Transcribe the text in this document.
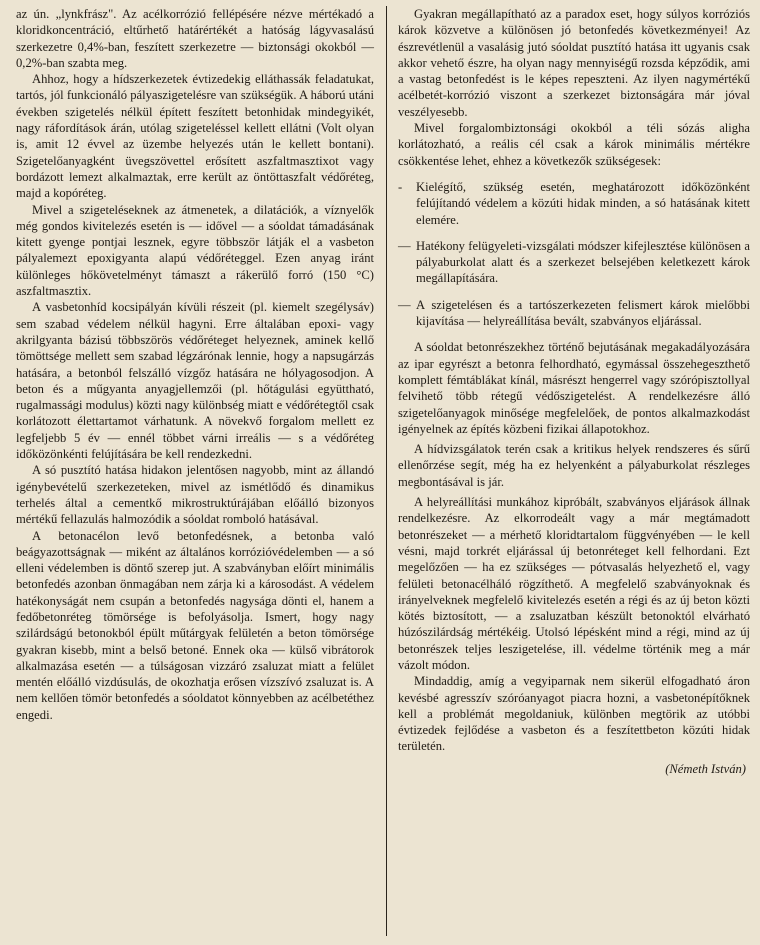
az ún. „lynkfrász". Az acélkorrózió fellépésére nézve mértékadó a kloridkoncentráció, eltűrhető határértékét a hatóság lágyvasalású szerkezetre 0,4%-ban, feszített szerkezetre — biztonsági okokból — 0,2%-ban szabta meg.

Ahhoz, hogy a hídszerkezetek évtizedekig elláthassák feladatukat, tartós, jól funkcionáló pályaszigetelésre van szükségük. A háború utáni években szigetelés nélkül épített feszített betonhidak mindegyikét, nagy ráfordítások árán, utólag szigeteléssel kellett ellátni (Volt olyan is, amit 12 évvel az üzembe helyezés után le kellett bontani). Szigetelőanyagként üvegszövettel erősített aszfaltmasztixot vagy bordázott lemezt alkalmaztak, erre került az öntöttaszfalt védőréteg, majd a kopóréteg.

Mivel a szigeteléseknek az átmenetek, a dilatációk, a víznyelők még gondos kivitelezés esetén is — idővel — a sóoldat támadásának kitett gyenge pontjai lesznek, egyre többször látják el a vasbeton pályalemezt epoxigyanta alapú védőréteggel. Ezen anyag iránt különleges hőkövetelményt támaszt a rákerülő forró (150 °C) aszfaltmasztix.

A vasbetonhíd kocsipályán kívüli részeit (pl. kiemelt szegélysáv) sem szabad védelem nélkül hagyni. Erre általában epoxi- vagy akrilgyanta bázisú többszörös védőréteget helyeznek, aminek kellő tömöttsége mellett sem szabad légzárónak lennie, hogy a napsugárzás hatására, a betonból felszálló vízgőz hatására ne hólyagosodjon. A beton és a műgyanta anyagjellemzői (pl. hőtágulási együttható, rugalmassági modulus) közti nagy különbség miatt e védőrétegtől csak korlátozott élettartamot várhatunk. A növekvő forgalom mellett ez legfeljebb 5 év — ennél többet várni irreális — s a védőréteg időközönkénti felújítására be kell rendezkedni.

A só pusztító hatása hidakon jelentősen nagyobb, mint az állandó igénybevételű szerkezeteken, mivel az ismétlődő és dinamikus terhelés által a cementkő mikrostruktúrájában előálló bizonyos mértékű fellazulás halmozódik a sóoldat romboló hatásával.

A betonacélon levő betonfedésnek, a betonba való beágyazottságnak — miként az általános korrózióvédelemben — a só elleni védelemben is döntő szerep jut. A szabványban előírt minimális betonfedés azonban önmagában nem zárja ki a károsodást. A védelem hatékonyságát nem csupán a betonfedés nagysága dönti el, hanem a fedőbetonréteg tömörsége is befolyásolja. Ismert, hogy nagy szilárdságú betonokból épült műtárgyak felületén a beton tömörsége gyakran kisebb, mint a belső betoné. Ennek oka — külső vibrátorok alkalmazása esetén — a túlságosan vizzáró zsaluzat miatt a felület mentén előálló vizdúsulás, de okozhatja erősen vízszívó zsaluzat is. A nem kellően tömör betonfedés a sóoldatot könnyebben az acélbetéthez engedi.

Gyakran megállapítható az a paradox eset, hogy súlyos korróziós károk közvetve a különösen jó betonfedés következményei! Az észrevétlenül a vasalásig jutó sóoldat pusztító hatása itt ugyanis csak akkor vehető észre, ha olyan nagy mennyiségű rozsda képződik, ami a vastag betonfedést is le képes repeszteni. Az ilyen nagymértékű acélbetét-korrózió viszont a szerkezet biztonságára már jóval veszélyesebb.

Mivel forgalombiztonsági okokból a téli sózás aligha korlátozható, a reális cél csak a károk minimális mértékre csökkentése lehet, ehhez a következők szükségesek:

-	Kielégítő, szükség esetén, meghatározott időközönként felújítandó védelem a közúti hidak minden, a só hatásának kitett elemére.
— Hatékony felügyeleti-vizsgálati módszer kifejlesztése különösen a pályaburkolat alatt és a szerkezet belsejében keletkezett károk megállapítására.
— A szigetelésen és a tartószerkezeten felismert károk mielőbbi kijavítása — helyreállítása bevált, szabványos eljárással.

A sóoldat betonrészekhez történő bejutásának megakadályozására az ipar egyrészt a betonra felhordható, egymással összehegeszthető komplett fémtáblákat kínál, másrészt hengerrel vagy szórópisztollyal felvihető több rétegű védőszigetelést. A rendelkezésre álló szigetelőanyagok minősége megfelelőek, de pontos alkalmazkodást igényelnek az építés közbeni fizikai állapotokhoz.

A hídvizsgálatok terén csak a kritikus helyek rendszeres és sűrű ellenőrzése segít, még ha ez helyenként a pályaburkolat részleges megbontásával is jár.

A helyreállítási munkához kipróbált, szabványos eljárások állnak rendelkezésre. Az elkorrodeált vagy a már megtámadott betonrészeket — a mérhető kloridtartalom függvényében — le kell vésni, majd torkrét eljárással új betonréteget kell felhordani. Ezt megelőzően — ha ez szükséges — pótvasalás helyezhető el, vagy felületi betonacélháló rögzíthető. A megfelelő szabványoknak és irányelveknek megfelelő kivitelezés esetén a régi és az új beton közti kötés biztosított, — a zsaluzatban készült betonoktól elvárható húzószilárdság mértékéig. Utolsó lépésként mind a régi, mind az új betonrészek teljes leszigetelése, ill. védelme történik meg a már vázolt módon.

Mindaddig, amíg a vegyiparnak nem sikerül elfogadható áron kevésbé agresszív szóróanyagot piacra hozni, a vasbetonépítőknek kell a problémát megoldaniuk, különben megtörik az utóbbi évtizedek fejlődése a vasbeton és a feszítettbeton közúti hidak területén.

(Németh István)
